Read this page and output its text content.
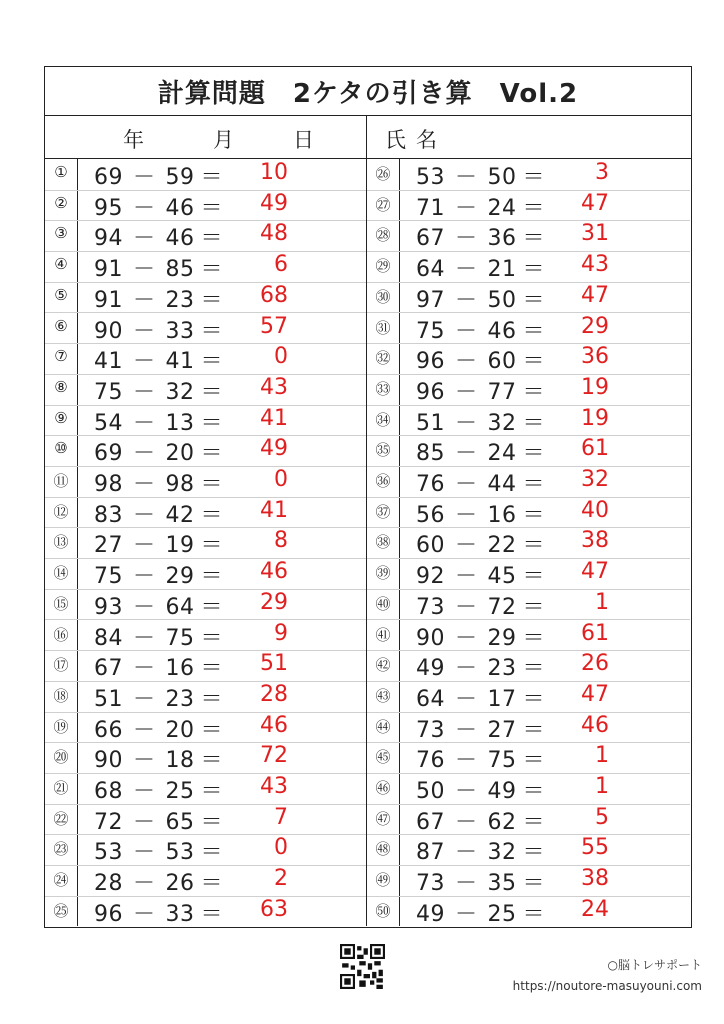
計算問題　2ケタの引き算　Vol.2
年	月	日	氏名
①	69 － 59 ＝	10
②	95 － 46 ＝	49
③	94 － 46 ＝	48
④	91 － 85 ＝	6
⑤	91 － 23 ＝	68
⑥	90 － 33 ＝	57
⑦	41 － 41 ＝	0
⑧	75 － 32 ＝	43
⑨	54 － 13 ＝	41
⑩	69 － 20 ＝	49
⑪	98 － 98 ＝	0
⑫	83 － 42 ＝	41
⑬	27 － 19 ＝	8
⑭	75 － 29 ＝	46
⑮	93 － 64 ＝	29
⑯	84 － 75 ＝	9
⑰	67 － 16 ＝	51
⑱	51 － 23 ＝	28
⑲	66 － 20 ＝	46
⑳	90 － 18 ＝	72
㉑	68 － 25 ＝	43
㉒	72 － 65 ＝	7
㉓	53 － 53 ＝	0
㉔	28 － 26 ＝	2
㉕	96 － 33 ＝	63
㉖	53 － 50 ＝	3
㉗	71 － 24 ＝	47
㉘	67 － 36 ＝	31
㉙	64 － 21 ＝	43
㉚	97 － 50 ＝	47
㉛	75 － 46 ＝	29
㉜	96 － 60 ＝	36
㉝	96 － 77 ＝	19
㉞	51 － 32 ＝	19
㉟	85 － 24 ＝	61
㊱	76 － 44 ＝	32
㊲	56 － 16 ＝	40
㊳	60 － 22 ＝	38
㊴	92 － 45 ＝	47
㊵	73 － 72 ＝	1
㊶	90 － 29 ＝	61
㊷	49 － 23 ＝	26
㊸	64 － 17 ＝	47
㊹	73 － 27 ＝	46
㊺	76 － 75 ＝	1
㊻	50 － 49 ＝	1
㊼	67 － 62 ＝	5
㊽	87 － 32 ＝	55
㊾	73 － 35 ＝	38
㊿	49 － 25 ＝	24
○脳トレサポート
https://noutore-masuyouni.com
